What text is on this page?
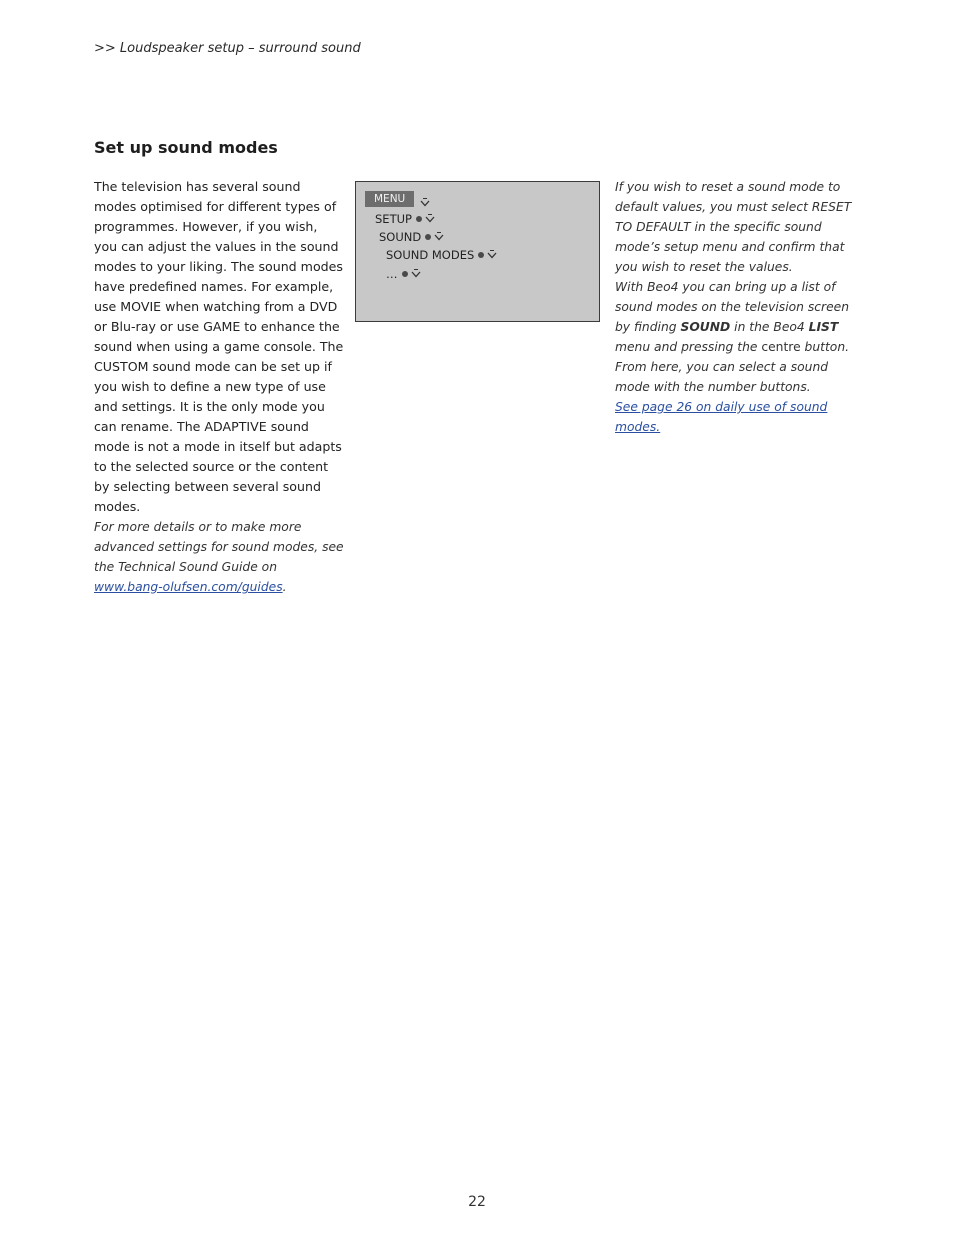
>> Loudspeaker setup – surround sound
Set up sound modes

The television has several sound modes optimised for different types of programmes. However, if you wish, you can adjust the values in the sound modes to your liking. The sound modes have predefined names. For example, use MOVIE when watching from a DVD or Blu-ray or use GAME to enhance the sound when using a game console. The CUSTOM sound mode can be set up if you wish to define a new type of use and settings. It is the only mode you can rename. The ADAPTIVE sound mode is not a mode in itself but adapts to the selected source or the content by selecting between several sound modes.

For more details or to make more advanced settings for sound modes, see the Technical Sound Guide on www.bang-olufsen.com/guides.

MENU
SETUP
SOUND
SOUND MODES
…

If you wish to reset a sound mode to default values, you must select RESET TO DEFAULT in the specific sound mode’s setup menu and confirm that you wish to reset the values.

With Beo4 you can bring up a list of sound modes on the television screen by finding SOUND in the Beo4 LIST menu and pressing the centre button. From here, you can select a sound mode with the number buttons.
See page 26 on daily use of sound modes.

22
